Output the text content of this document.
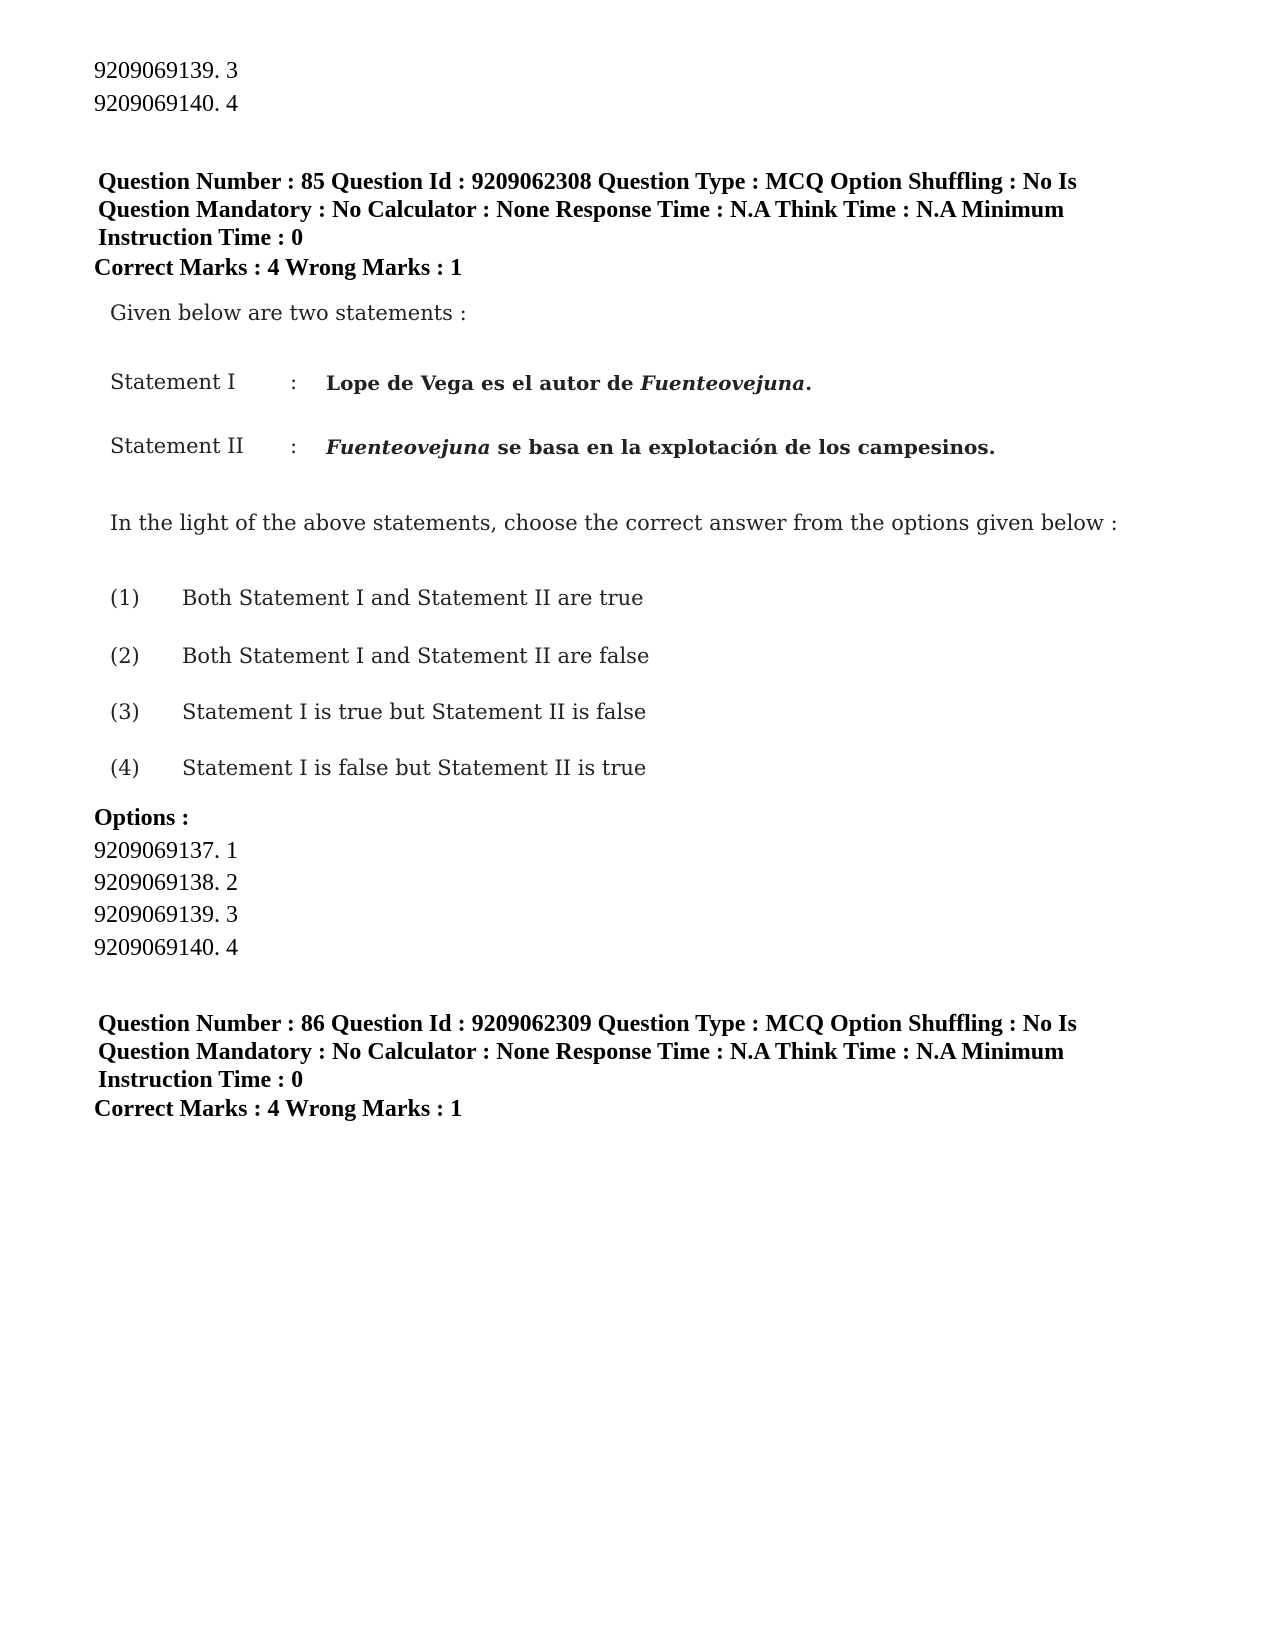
9209069139. 3
9209069140. 4
Question Number : 85 Question Id : 9209062308 Question Type : MCQ Option Shuffling : No Is
Question Mandatory : No Calculator : None Response Time : N.A Think Time : N.A Minimum
Instruction Time : 0
Correct Marks : 4 Wrong Marks : 1
Given below are two statements :
Statement I	: Lope de Vega es el autor de Fuenteovejuna.
Statement II : Fuenteovejuna se basa en la explotación de los campesinos.
In the light of the above statements, choose the correct answer from the options given below :
(1) Both Statement I and Statement II are true
(2) Both Statement I and Statement II are false
(3) Statement I is true but Statement II is false
(4) Statement I is false but Statement II is true
Options :
9209069137. 1
9209069138. 2
9209069139. 3
9209069140. 4
Question Number : 86 Question Id : 9209062309 Question Type : MCQ Option Shuffling : No Is
Question Mandatory : No Calculator : None Response Time : N.A Think Time : N.A Minimum
Instruction Time : 0
Correct Marks : 4 Wrong Marks : 1
